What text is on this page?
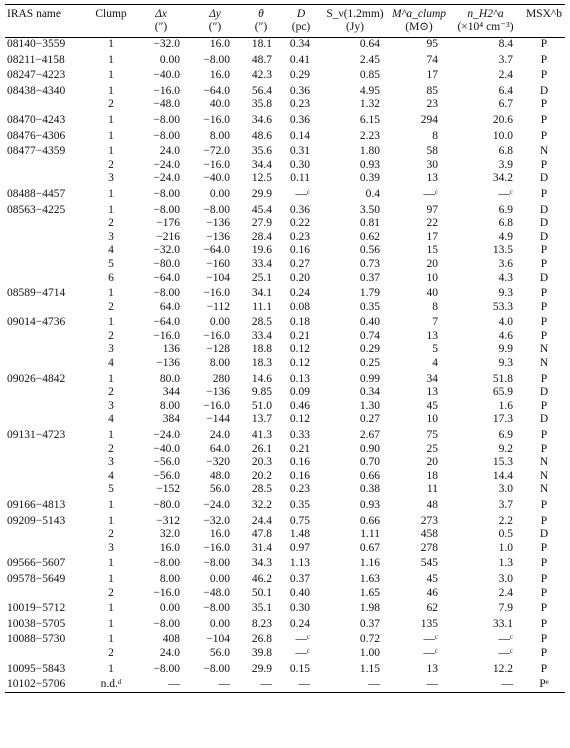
IRAS name	Clump	Δx	Δy	θ	D	S_ν(1.2mm)	M^a_clump	n_H2^a	MSX^b
		(″)	(″)	(″)	(pc)	(Jy)	(M⊙)	(×10⁴ cm⁻³)	
08140−3559	1	−32.0	16.0	18.1	0.34	0.64	95	8.4	P
08211−4158	1	0.00	−8.00	48.7	0.41	2.45	74	3.7	P
08247−4223	1	−40.0	16.0	42.3	0.29	0.85	17	2.4	P
08438−4340	1	−16.0	−64.0	56.4	0.36	4.95	85	6.4	D
	2	−48.0	40.0	35.8	0.23	1.32	23	6.7	P
08470−4243	1	−8.00	−16.0	34.6	0.36	6.15	294	20.6	P
08476−4306	1	−8.00	8.00	48.6	0.14	2.23	8	10.0	P
08477−4359	1	24.0	−72.0	35.6	0.31	1.80	58	6.8	N
	2	−24.0	−16.0	34.4	0.30	0.93	30	3.9	P
	3	−24.0	−40.0	12.5	0.11	0.39	13	34.2	D
08488−4457	1	−8.00	0.00	29.9	—ᶜ	0.4	—ᶜ	—ᶜ	P
08563−4225	1	−8.00	−8.00	45.4	0.36	3.50	97	6.9	D
	2	−176	−136	27.9	0.22	0.81	22	6.8	D
	3	−216	−136	28.4	0.23	0.62	17	4.9	D
	4	−32.0	−64.0	19.6	0.16	0.56	15	13.5	P
	5	−80.0	−160	33.4	0.27	0.73	20	3.6	P
	6	−64.0	−104	25.1	0.20	0.37	10	4.3	D
08589−4714	1	−8.00	−16.0	34.1	0.24	1.79	40	9.3	P
	2	64.0	−112	11.1	0.08	0.35	8	53.3	P
09014−4736	1	−64.0	0.00	28.5	0.18	0.40	7	4.0	P
	2	−16.0	−16.0	33.4	0.21	0.74	13	4.6	P
	3	136	−128	18.8	0.12	0.29	5	9.9	N
	4	−136	8.00	18.3	0.12	0.25	4	9.3	N
09026−4842	1	80.0	280	14.6	0.13	0.99	34	51.8	P
	2	344	−136	9.85	0.09	0.34	13	65.9	D
	3	8.00	−16.0	51.0	0.46	1.30	45	1.6	P
	4	384	−144	13.7	0.12	0.27	10	17.3	D
09131−4723	1	−24.0	24.0	41.3	0.33	2.67	75	6.9	P
	2	−40.0	64.0	26.1	0.21	0.90	25	9.2	P
	3	−56.0	−320	20.3	0.16	0.70	20	15.3	N
	4	−56.0	48.0	20.2	0.16	0.66	18	14.4	N
	5	−152	56.0	28.5	0.23	0.38	11	3.0	N
09166−4813	1	−80.0	−24.0	32.2	0.35	0.93	48	3.7	P
09209−5143	1	−312	−32.0	24.4	0.75	0.66	273	2.2	P
	2	32.0	16.0	47.8	1.48	1.11	458	0.5	D
	3	16.0	−16.0	31.4	0.97	0.67	278	1.0	P
09566−5607	1	−8.00	−8.00	34.3	1.13	1.16	545	1.3	P
09578−5649	1	8.00	0.00	46.2	0.37	1.63	45	3.0	P
	2	−16.0	−48.0	50.1	0.40	1.65	46	2.4	P
10019−5712	1	0.00	−8.00	35.1	0.30	1.98	62	7.9	P
10038−5705	1	−8.00	0.00	8.23	0.24	0.37	135	33.1	P
10088−5730	1	408	−104	26.8	—ᶜ	0.72	—ᶜ	—ᶜ	P
	2	24.0	56.0	39.8	—ᶜ	1.00	—ᶜ	—ᶜ	P
10095−5843	1	−8.00	−8.00	29.9	0.15	1.15	13	12.2	P
10102−5706	n.d.ᵈ	—	—	—	—	—	—	—	Pᵉ
